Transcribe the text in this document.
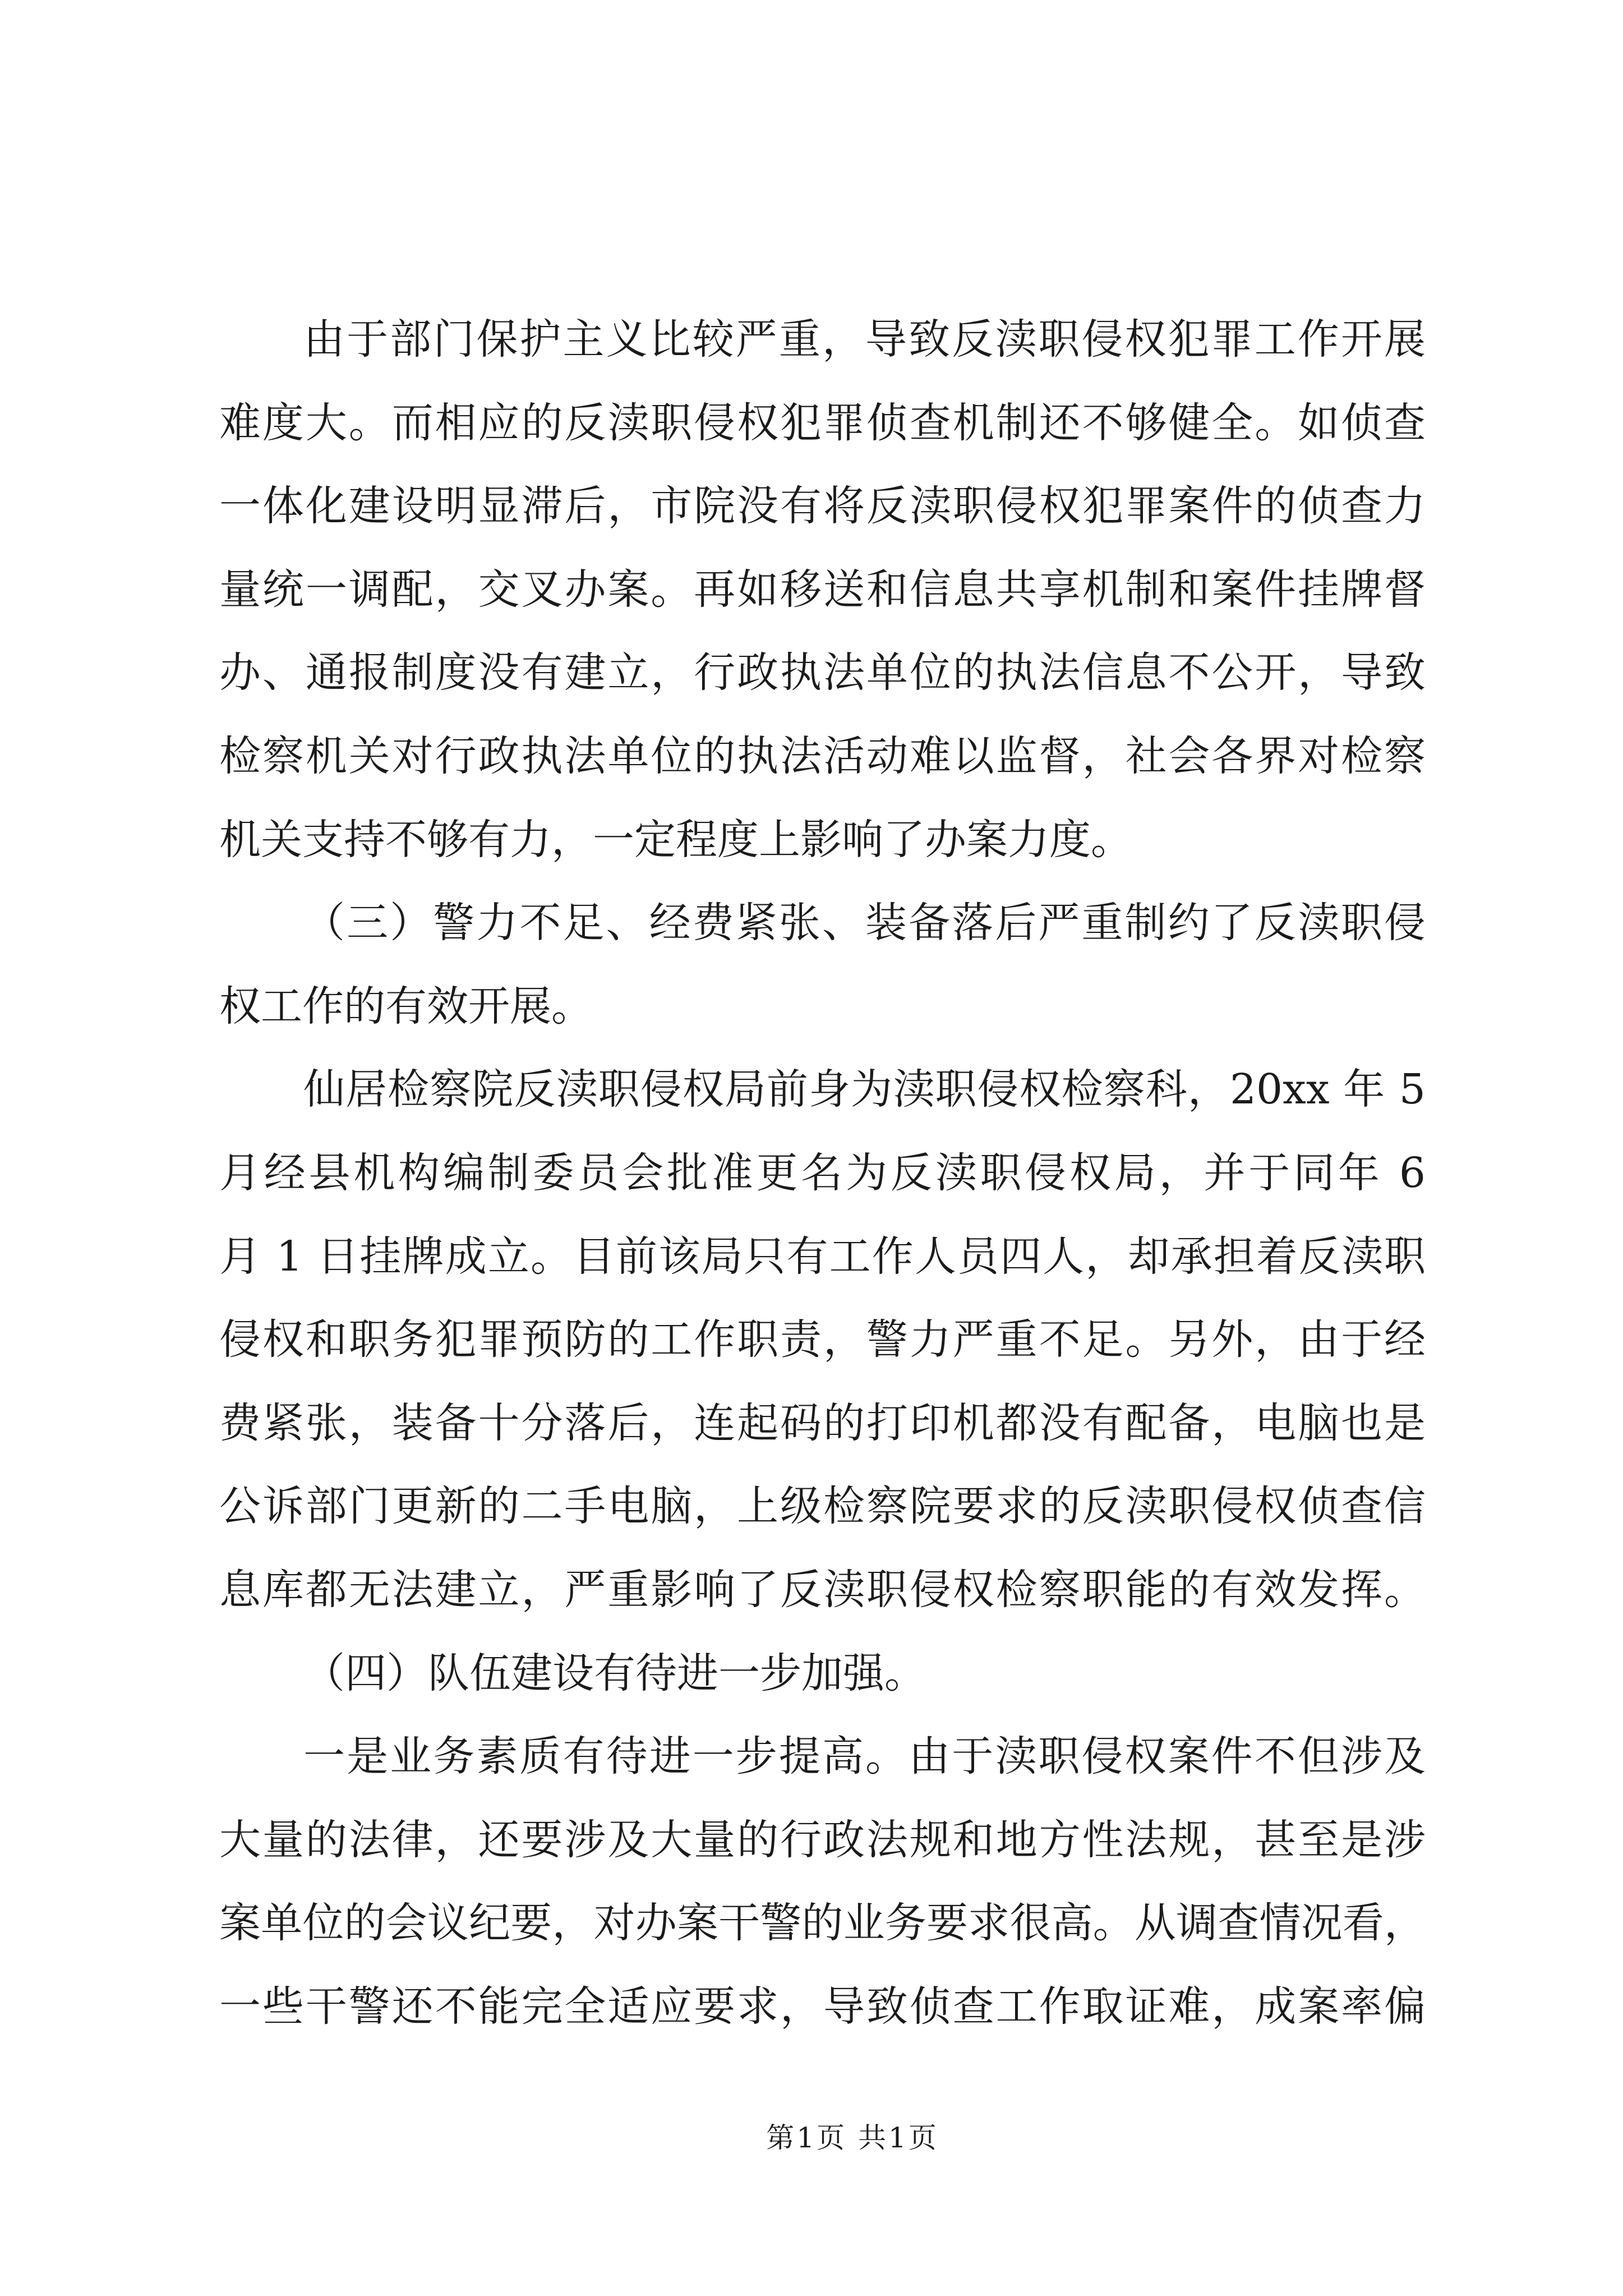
由于部门保护主义比较严重，导致反渎职侵权犯罪工作开展
难度大。而相应的反渎职侵权犯罪侦查机制还不够健全。如侦查
一体化建设明显滞后，市院没有将反渎职侵权犯罪案件的侦查力
量统一调配，交叉办案。再如移送和信息共享机制和案件挂牌督
办、通报制度没有建立，行政执法单位的执法信息不公开，导致
检察机关对行政执法单位的执法活动难以监督，社会各界对检察
机关支持不够有力，一定程度上影响了办案力度。
（三）警力不足、经费紧张、装备落后严重制约了反渎职侵
权工作的有效开展。
仙居检察院反渎职侵权局前身为渎职侵权检察科，20xx 年 5
月经县机构编制委员会批准更名为反渎职侵权局，并于同年 6
月 1 日挂牌成立。目前该局只有工作人员四人，却承担着反渎职
侵权和职务犯罪预防的工作职责，警力严重不足。另外，由于经
费紧张，装备十分落后，连起码的打印机都没有配备，电脑也是
公诉部门更新的二手电脑，上级检察院要求的反渎职侵权侦查信
息库都无法建立，严重影响了反渎职侵权检察职能的有效发挥。
（四）队伍建设有待进一步加强。
一是业务素质有待进一步提高。由于渎职侵权案件不但涉及
大量的法律，还要涉及大量的行政法规和地方性法规，甚至是涉
案单位的会议纪要，对办案干警的业务要求很高。从调查情况看，
一些干警还不能完全适应要求，导致侦查工作取证难，成案率偏
第1页 共1页
